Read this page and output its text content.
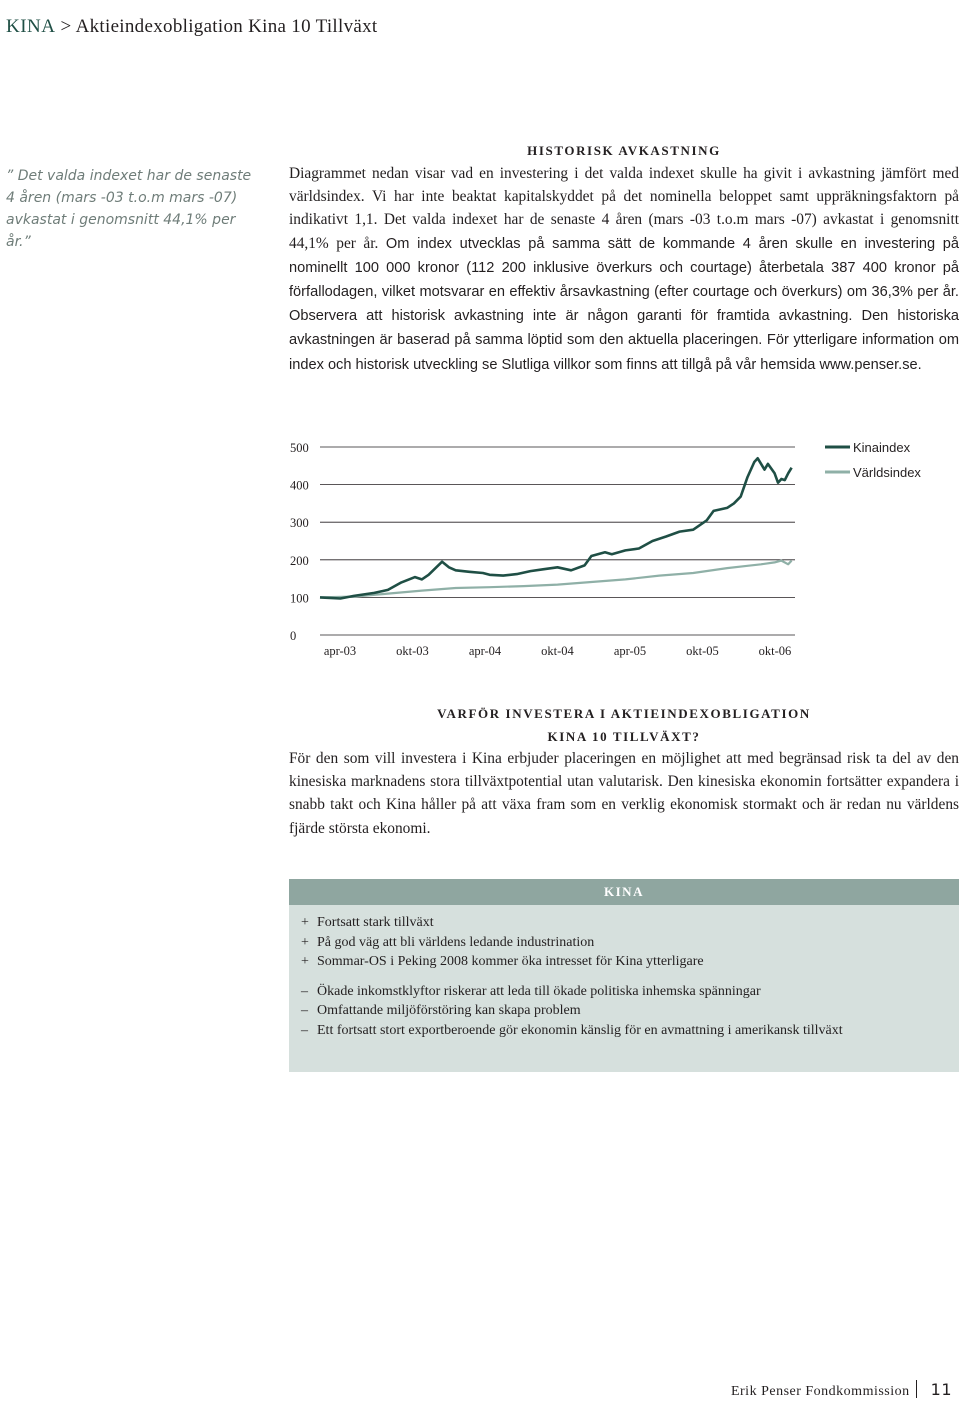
KINA > Aktieindexobligation Kina 10 Tillväxt
” Det valda indexet har de senaste 4 åren (mars -03 t.o.m mars -07) avkastat i genomsnitt 44,1% per år.”
HISTORISK AVKASTNING
Diagrammet nedan visar vad en investering i det valda indexet skulle ha givit i avkastning jämfört med världsindex. Vi har inte beaktat kapitalskyddet på det nominella beloppet samt uppräkningsfaktorn på indikativt 1,1. Det valda indexet har de senaste 4 åren (mars -03 t.o.m mars -07) avkastat i genomsnitt 44,1% per år. Om index utvecklas på samma sätt de kommande 4 åren skulle en investering på nominellt 100 000 kronor (112 200 inklusive överkurs och courtage) återbetala 387 400 kronor på förfallodagen, vilket motsvarar en effektiv årsavkastning (efter courtage och överkurs) om 36,3% per år. Observera att historisk avkastning inte är någon garanti för framtida avkastning. Den historiska avkastningen är baserad på samma löptid som den aktuella placeringen. För ytterligare information om index och historisk utveckling se Slutliga villkor som finns att tillgå på vår hemsida www.penser.se.
0
100
200
300
400
500
apr-03	okt-03	apr-04	okt-04	apr-05	okt-05	okt-06
Kinaindex
Världsindex
VARFÖR INVESTERA I AKTIEINDEXOBLIGATION
KINA 10 TILLVÄXT?
För den som vill investera i Kina erbjuder placeringen en möjlighet att med begränsad risk ta del av den kinesiska marknadens stora tillväxtpotential utan valutarisk. Den kinesiska ekonomin fortsätter expandera i snabb takt och Kina håller på att växa fram som en verklig ekonomisk stormakt och är redan nu världens fjärde största ekonomi.
KINA
+ Fortsatt stark tillväxt
+ På god väg att bli världens ledande industrination
+ Sommar-OS i Peking 2008 kommer öka intresset för Kina ytterligare
– Ökade inkomstklyftor riskerar att leda till ökade politiska inhemska spänningar
– Omfattande miljöförstöring kan skapa problem
– Ett fortsatt stort exportberoende gör ekonomin känslig för en avmattning i amerikansk tillväxt
Erik Penser Fondkommission 11
